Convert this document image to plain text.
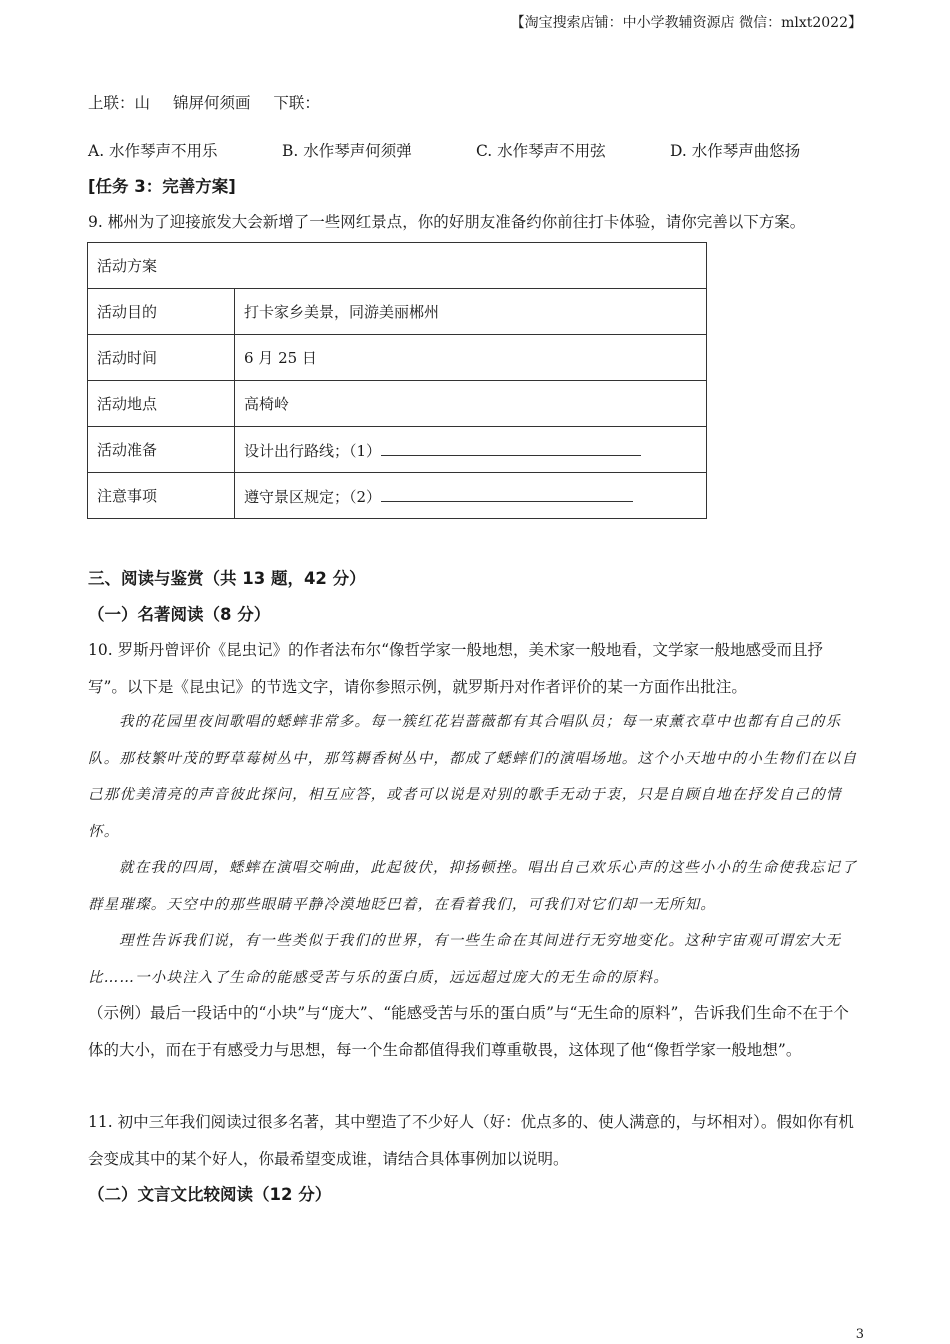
【淘宝搜索店铺：中小学教辅资源店 微信：mlxt2022】
上联：山 锦屏何须画 下联：
A. 水作琴声不用乐	B. 水作琴声何须弹	C. 水作琴声不用弦	D. 水作琴声曲悠扬
[任务 3：完善方案]
9. 郴州为了迎接旅发大会新增了一些网红景点，你的好朋友准备约你前往打卡体验，请你完善以下方案。
活动方案	
活动目的	打卡家乡美景，同游美丽郴州
活动时间	6 月 25 日
活动地点	高椅岭
活动准备	设计出行路线；（1）
注意事项	遵守景区规定；（2）
三、阅读与鉴赏（共 13 题，42 分）
（一）名著阅读（8 分）
10. 罗斯丹曾评价《昆虫记》的作者法布尔“像哲学家一般地想，美术家一般地看，文学家一般地感受而且抒写”。以下是《昆虫记》的节选文字，请你参照示例，就罗斯丹对作者评价的某一方面作出批注。
我的花园里夜间歌唱的蟋蟀非常多。每一簇红花岩蔷薇都有其合唱队员；每一束薰衣草中也都有自己的乐队。那枝繁叶茂的野草莓树丛中，那笃耨香树丛中，都成了蟋蟀们的演唱场地。这个小天地中的小生物们在以自己那优美清亮的声音彼此探问，相互应答，或者可以说是对别的歌手无动于衷，只是自顾自地在抒发自己的情怀。
就在我的四周，蟋蟀在演唱交响曲，此起彼伏，抑扬顿挫。唱出自己欢乐心声的这些小小的生命使我忘记了群星璀璨。天空中的那些眼睛平静冷漠地眨巴着，在看着我们，可我们对它们却一无所知。
理性告诉我们说，有一些类似于我们的世界，有一些生命在其间进行无穷地变化。这种宇宙观可谓宏大无比……一小块注入了生命的能感受苦与乐的蛋白质，远远超过庞大的无生命的原料。
（示例）最后一段话中的“小块”与“庞大”、“能感受苦与乐的蛋白质”与“无生命的原料”，告诉我们生命不在于个体的大小，而在于有感受力与思想，每一个生命都值得我们尊重敬畏，这体现了他“像哲学家一般地想”。
11. 初中三年我们阅读过很多名著，其中塑造了不少好人（好：优点多的、使人满意的，与坏相对）。假如你有机会变成其中的某个好人，你最希望变成谁，请结合具体事例加以说明。
（二）文言文比较阅读（12 分）
3
